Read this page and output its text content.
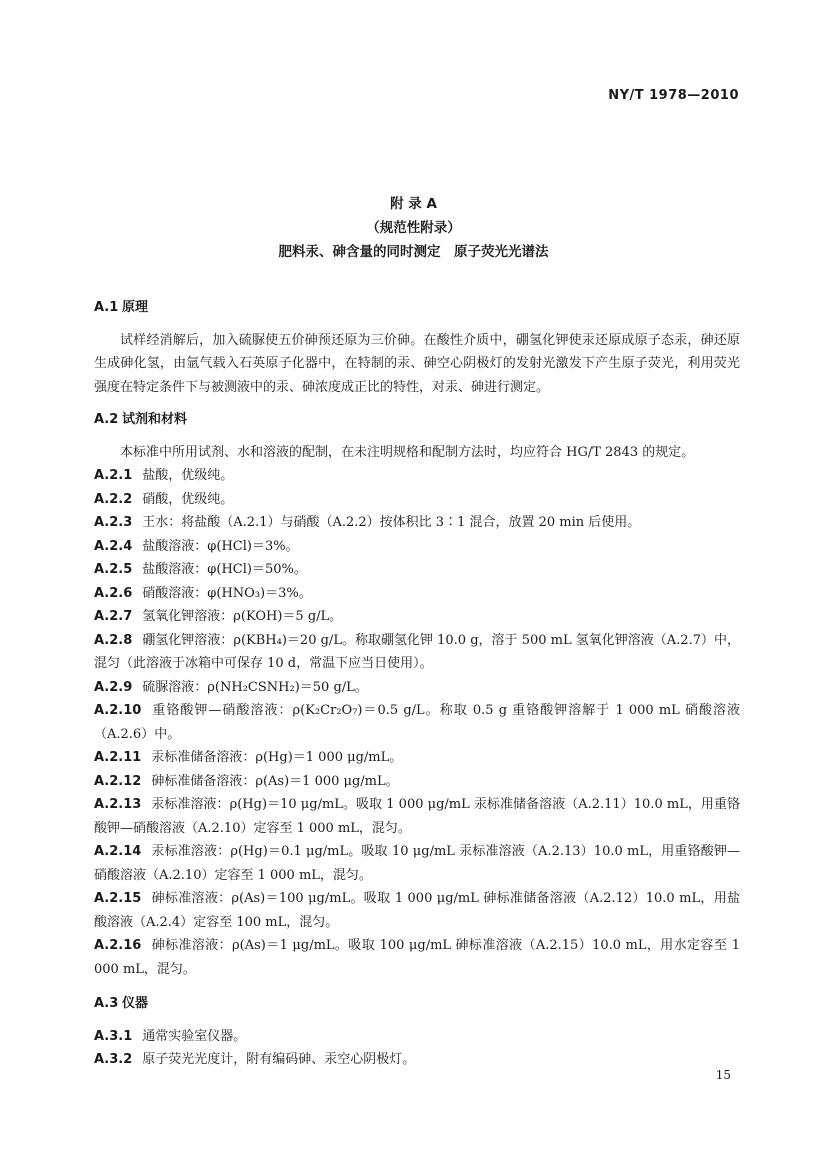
NY/T 1978—2010
附 录 A
（规范性附录）
肥料汞、砷含量的同时测定　原子荧光光谱法
A.1 原理

试样经消解后，加入硫脲使五价砷预还原为三价砷。在酸性介质中，硼氢化钾使汞还原成原子态汞，砷还原生成砷化氢，由氩气载入石英原子化器中，在特制的汞、砷空心阴极灯的发射光激发下产生原子荧光，利用荧光强度在特定条件下与被测液中的汞、砷浓度成正比的特性，对汞、砷进行测定。

A.2 试剂和材料

本标准中所用试剂、水和溶液的配制，在未注明规格和配制方法时，均应符合 HG/T 2843 的规定。

A.2.1 盐酸，优级纯。

A.2.2 硝酸，优级纯。

A.2.3 王水：将盐酸（A.2.1）与硝酸（A.2.2）按体积比 3∶1 混合，放置 20 min 后使用。

A.2.4 盐酸溶液：φ(HCl)＝3%。

A.2.5 盐酸溶液：φ(HCl)＝50%。

A.2.6 硝酸溶液：φ(HNO₃)＝3%。

A.2.7 氢氧化钾溶液：ρ(KOH)＝5 g/L。

A.2.8 硼氢化钾溶液：ρ(KBH₄)＝20 g/L。称取硼氢化钾 10.0 g，溶于 500 mL 氢氧化钾溶液（A.2.7）中，混匀（此溶液于冰箱中可保存 10 d，常温下应当日使用）。

A.2.9 硫脲溶液：ρ(NH₂CSNH₂)＝50 g/L。

A.2.10 重铬酸钾—硝酸溶液：ρ(K₂Cr₂O₇)＝0.5 g/L。称取 0.5 g 重铬酸钾溶解于 1 000 mL 硝酸溶液（A.2.6）中。

A.2.11 汞标准储备溶液：ρ(Hg)＝1 000 μg/mL。

A.2.12 砷标准储备溶液：ρ(As)＝1 000 μg/mL。

A.2.13 汞标准溶液：ρ(Hg)＝10 μg/mL。吸取 1 000 μg/mL 汞标准储备溶液（A.2.11）10.0 mL，用重铬酸钾—硝酸溶液（A.2.10）定容至 1 000 mL，混匀。

A.2.14 汞标准溶液：ρ(Hg)＝0.1 μg/mL。吸取 10 μg/mL 汞标准溶液（A.2.13）10.0 mL，用重铬酸钾—硝酸溶液（A.2.10）定容至 1 000 mL，混匀。

A.2.15 砷标准溶液：ρ(As)＝100 μg/mL。吸取 1 000 μg/mL 砷标准储备溶液（A.2.12）10.0 mL，用盐酸溶液（A.2.4）定容至 100 mL，混匀。

A.2.16 砷标准溶液：ρ(As)＝1 μg/mL。吸取 100 μg/mL 砷标准溶液（A.2.15）10.0 mL，用水定容至 1 000 mL，混匀。

A.3 仪器

A.3.1 通常实验室仪器。

A.3.2 原子荧光光度计，附有编码砷、汞空心阴极灯。

15
